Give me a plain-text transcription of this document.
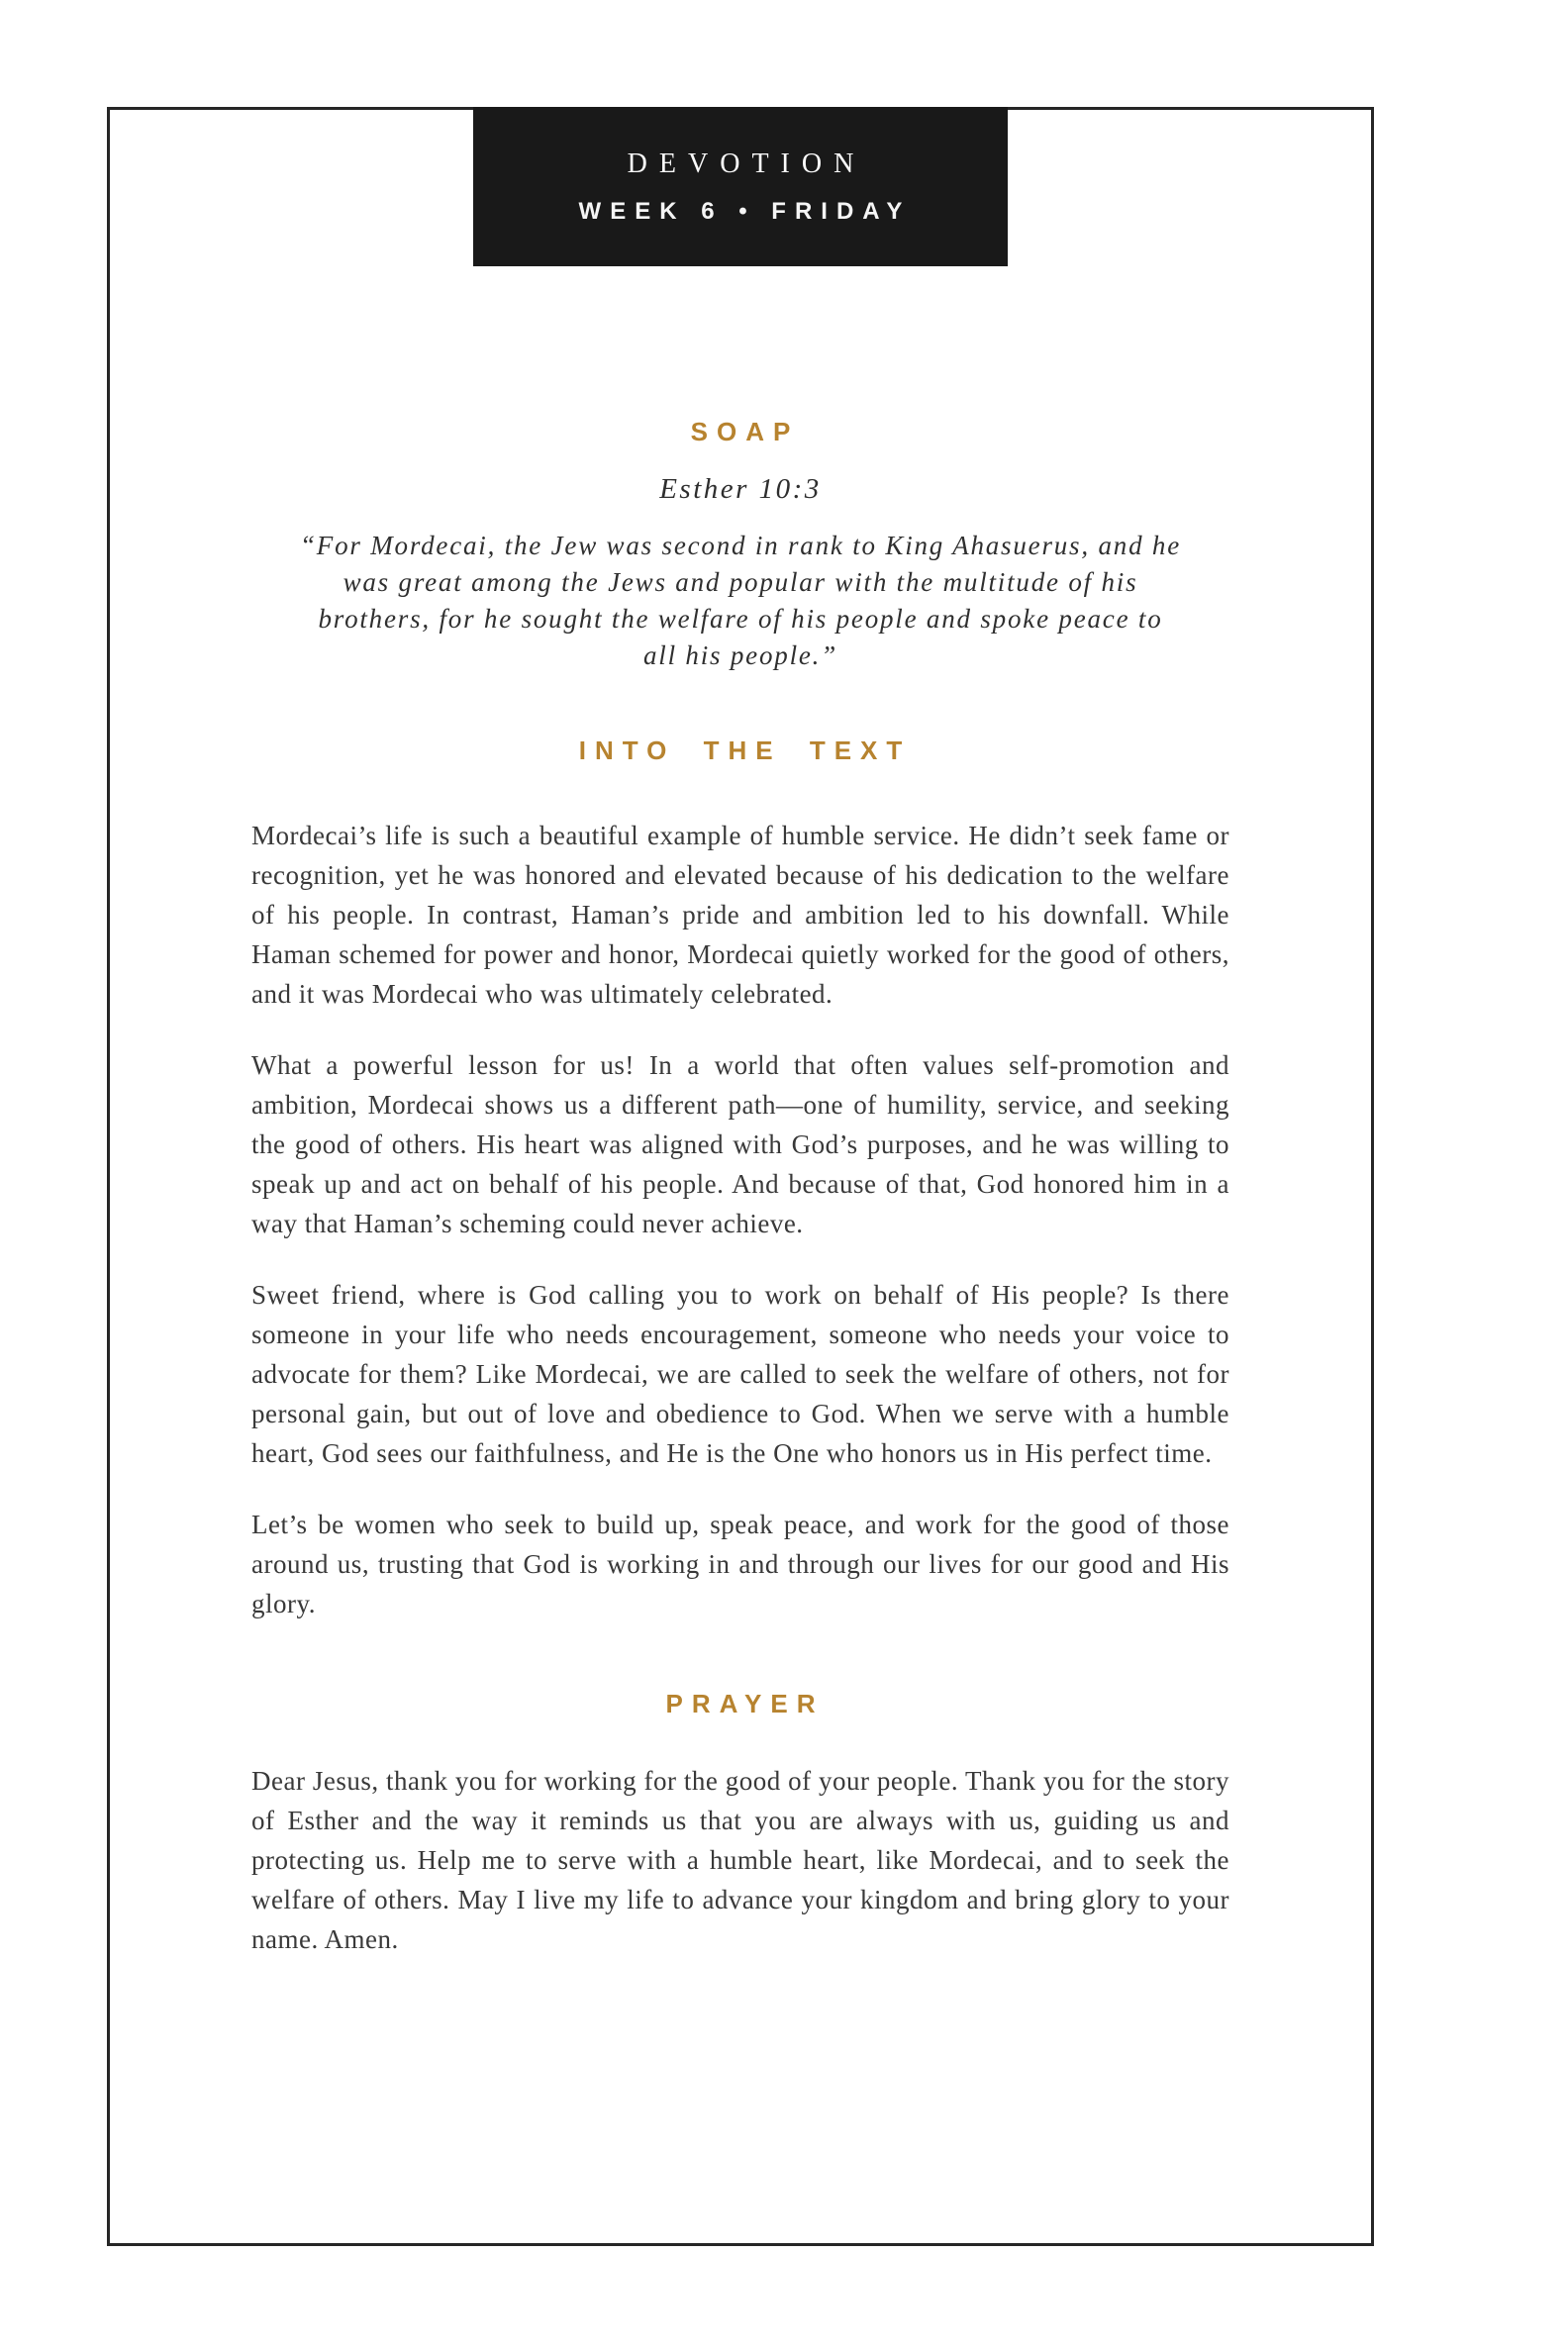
DEVOTION
WEEK 6 • FRIDAY
SOAP
Esther 10:3
“For Mordecai, the Jew was second in rank to King Ahasuerus, and he was great among the Jews and popular with the multitude of his brothers, for he sought the welfare of his people and spoke peace to all his people.”
INTO THE TEXT

Mordecai’s life is such a beautiful example of humble service. He didn’t seek fame or recognition, yet he was honored and elevated because of his dedication to the welfare of his people. In contrast, Haman’s pride and ambition led to his downfall. While Haman schemed for power and honor, Mordecai quietly worked for the good of others, and it was Mordecai who was ultimately celebrated.

What a powerful lesson for us! In a world that often values self-promotion and ambition, Mordecai shows us a different path—one of humility, service, and seeking the good of others. His heart was aligned with God’s purposes, and he was willing to speak up and act on behalf of his people. And because of that, God honored him in a way that Haman’s scheming could never achieve.

Sweet friend, where is God calling you to work on behalf of His people? Is there someone in your life who needs encouragement, someone who needs your voice to advocate for them? Like Mordecai, we are called to seek the welfare of others, not for personal gain, but out of love and obedience to God. When we serve with a humble heart, God sees our faithfulness, and He is the One who honors us in His perfect time.

Let’s be women who seek to build up, speak peace, and work for the good of those around us, trusting that God is working in and through our lives for our good and His glory.

PRAYER

Dear Jesus, thank you for working for the good of your people. Thank you for the story of Esther and the way it reminds us that you are always with us, guiding us and protecting us. Help me to serve with a humble heart, like Mordecai, and to seek the welfare of others. May I live my life to advance your kingdom and bring glory to your name. Amen.
